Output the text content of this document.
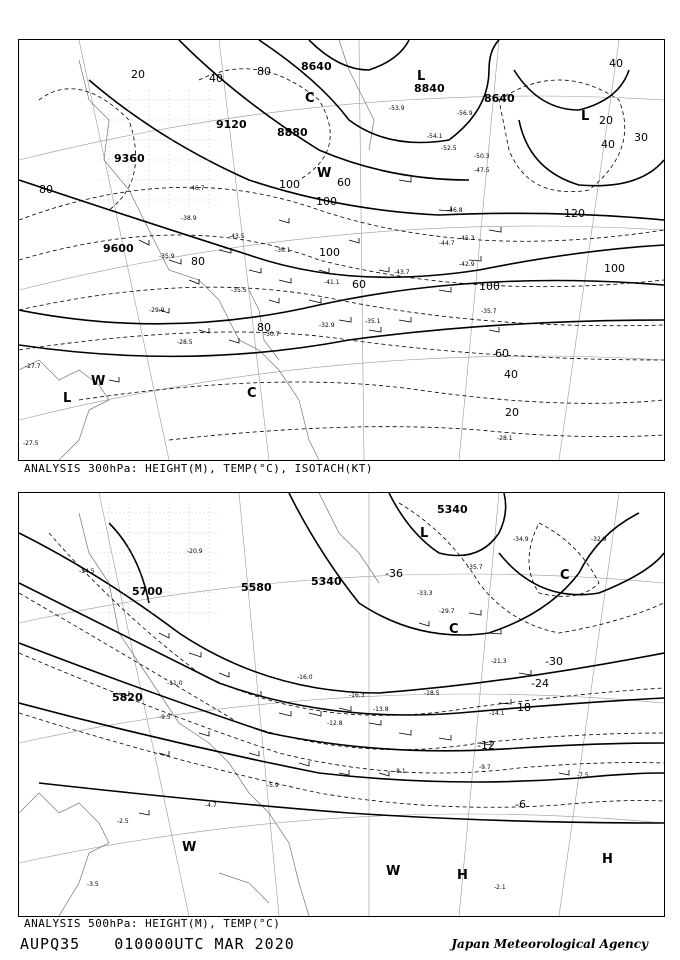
8640
8640
8840
9120
9360
9600
8880
20	40
80
80	100
100
120
100
60
80
60
40
20
40
20
30
40
60
100
100
80
-53.9
-54.1
-56.9
-52.5
-50.3
-47.5
-46.8
-45.3
-44.7
-43.7
-42.9
-41.1
-35.7
-35.1
-32.9
-30.7
-29.9
-28.5
-27.7
-27.5
-28.1
-35.9
-38.9
-43.5
-46.7
-35.5
-36.1
L
L
L
C
C
W
W
ANALYSIS 300hPa: HEIGHT(M), TEMP(°C), ISOTACH(KT)
5340
5340
5580
5700
5820
-36
-30
-24
-18
-12
-6
-35.7
-34.9	-32.9
-29.7
-21.3
-18.5
-16.3
-14.1
-13.8
-12.8
-9.7
-9.5
-8.1
-7.5
-5.9
-4.7
-3.5
-2.5
-2.1
-14.5
-16.0
-20.9
-33.3
-11.0
L
C
C
W
W	H
H
ANALYSIS 500hPa: HEIGHT(M), TEMP(°C)
AUPQ35 010000UTC MAR 2020	Japan Meteorological Agency
